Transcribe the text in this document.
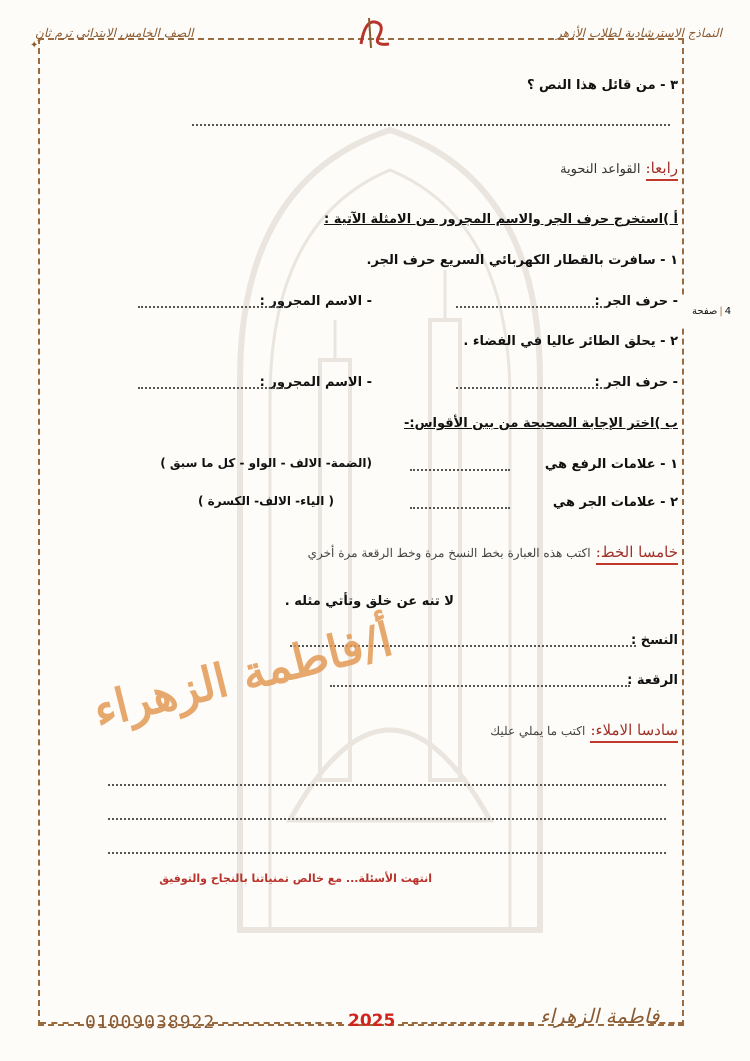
✦
الصف الخامس الابتدائي ترم ثانِ	النماذج الاسترشادية لطلاب الأزهر
4|صفحة
٣ - من قائل هذا النص ؟
رابعا: القواعد النحوية
أ )استخرج حرف الجر والاسم المجرور من الامثلة الآتية :
١ - سافرت بالقطار الكهربائي السريع حرف الجر.
- حرف الجر :
- الاسم المجرور :
٢ - يحلق الطائر عاليا في الفضاء .
- حرف الجر :
- الاسم المجرور :
ب )اختر الإجابة الصحيحة من بين الأقواس:-
١ - علامات الرفع هي
(الضمة- الالف - الواو - كل ما سبق )
٢ - علامات الجر هي
( الياء- الالف- الكسرة )
خامسا الخط: اكتب هذه العبارة بخط النسخ مرة وخط الرقعة مرة أخري
لا تنه عن خلق وتأتي مثله .
النسخ :
الرقعة :
سادسا الاملاء: اكتب ما يملي عليك
انتهت الأسئلة... مع خالص تمنياتنا بالنجاح والتوفيق
أ/فاطمة الزهراء
01009038922	2025	فاطمة الزهراء
